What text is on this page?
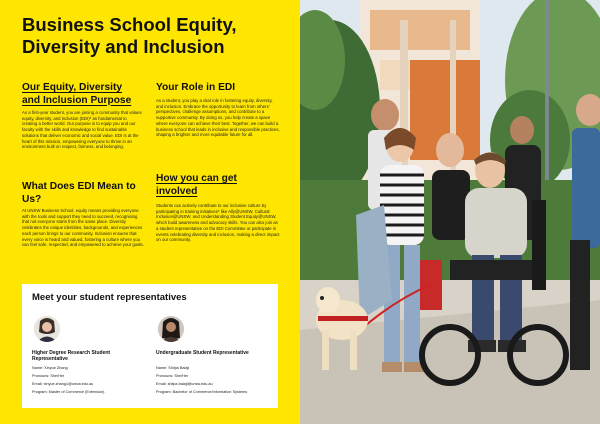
Business School Equity, Diversity and Inclusion
Our Equity, Diversity and Inclusion Purpose
As a first-year student, you are joining a community that values equity, diversity, and inclusion (EDI)* as fundamental to creating a better world. Our purpose is to equip you and our faculty with the skills and knowledge to find sustainable solutions that deliver economic and social value. EDI is at the heart of this mission, empowering everyone to thrive in an environment built on respect, fairness, and belonging.
What Does EDI Mean to Us?
At UNSW Business School, equity means providing everyone with the tools and support they need to succeed, recognising that not everyone starts from the same place. Diversity celebrates the unique identities, backgrounds, and experiences each person brings to our community. Inclusion ensures that every voice is heard and valued, fostering a culture where you can feel safe, respected, and empowered to achieve your goals.
Your Role in EDI
As a student, you play a vital role in fostering equity, diversity, and inclusion. Embrace the opportunity to learn from others' perspectives, challenge assumptions, and contribute to a supportive community. By doing so, you help create a space where everyone can achieve their best. Together, we can build a business school that leads in inclusive and responsible practices, shaping a brighter and more equitable future for all.
How you can get involved
Students can actively contribute to our inclusive culture by participating in training initiatives* like Ally@UNSW, Cultural Inclusion@UNSW, and Understanding Student Equity@UNSW, which build awareness and advocacy skills. You can also join as a student representative on the EDI Committee or participate in events celebrating diversity and inclusion, making a direct impact on our community.
Meet your student representatives
Higher Degree Research Student Representative
Name: Xinyue Zhang
Pronouns: She/Her
Email: xinyue.zhang1@unsw.edu.au
Program: Master of Commerce (Extension)
Undergraduate Student Representative
Name: Shilpa Balaji
Pronouns: She/Her
Email: shilpa.balaji@unsw.edu.au
Program: Bachelor of Commerce/Information Systems
